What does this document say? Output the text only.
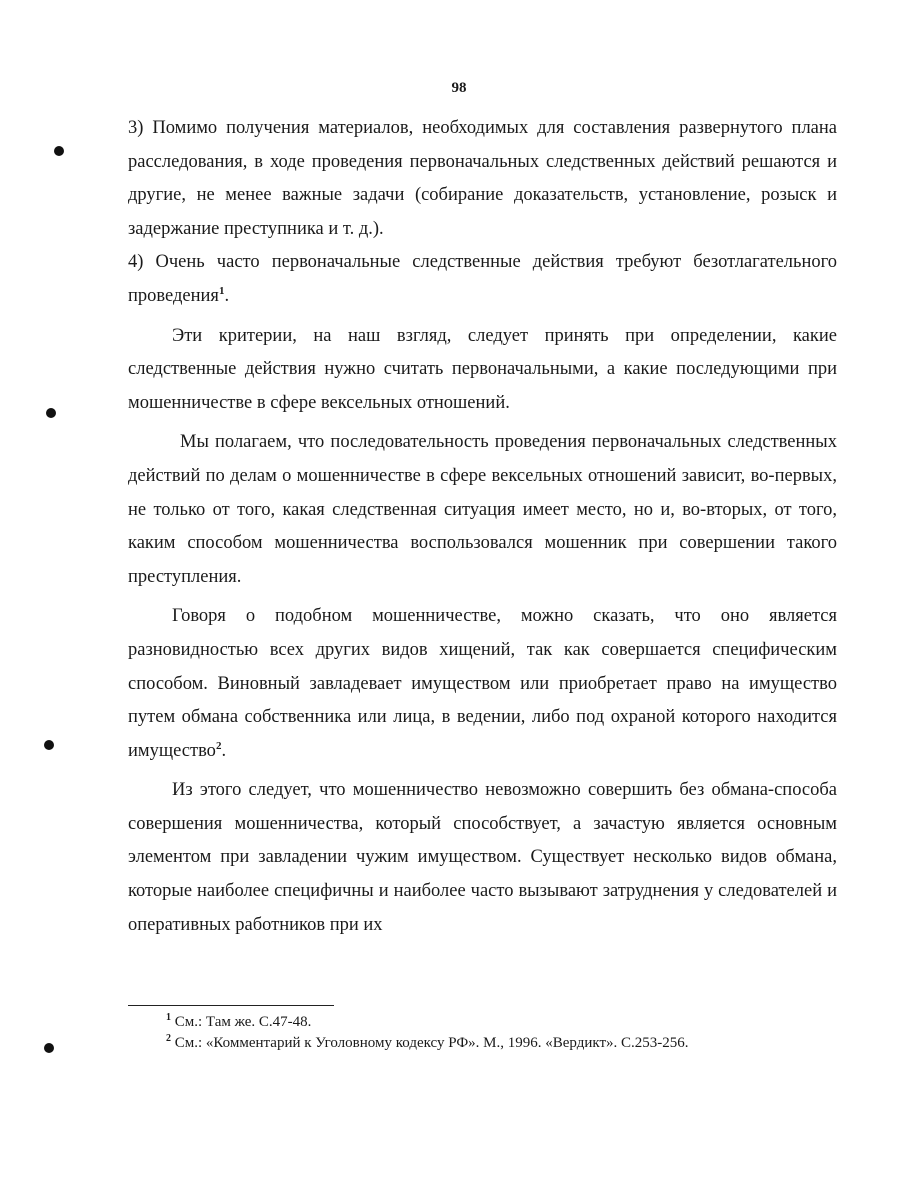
98

3) Помимо получения материалов, необходимых для составления развернутого плана расследования, в ходе проведения первоначальных следственных действий решаются и другие, не менее важные задачи (собирание доказательств, установление, розыск и задержание преступника и т. д.).

4) Очень часто первоначальные следственные действия требуют безотлагательного проведения$^1$.

Эти критерии, на наш взгляд, следует принять при определении, какие следственные действия нужно считать первоначальными, а какие последующими при мошенничестве в сфере вексельных отношений.

Мы полагаем, что последовательность проведения первоначальных следственных действий по делам о мошенничестве в сфере вексельных отношений зависит, во-первых, не только от того, какая следственная ситуация имеет место, но и, во-вторых, от того, каким способом мошенничества воспользовался мошенник при совершении такого преступления.

Говоря о подобном мошенничестве, можно сказать, что оно является разновидностью всех других видов хищений, так как совершается специфическим способом. Виновный завладевает имуществом или приобретает право на имущество путем обмана собственника или лица, в ведении, либо под охраной которого находится имущество$^2$.

Из этого следует, что мошенничество невозможно совершить без обмана-способа совершения мошенничества, который способствует, а зачастую является основным элементом при завладении чужим имуществом. Существует несколько видов обмана, которые наиболее специфичны и наиболее часто вызывают затруднения у следователей и оперативных работников при их

$^1$ См.: Там же. С.47-48.
$^2$ См.: «Комментарий к Уголовному кодексу РФ». М., 1996. «Вердикт». С.253-256.
